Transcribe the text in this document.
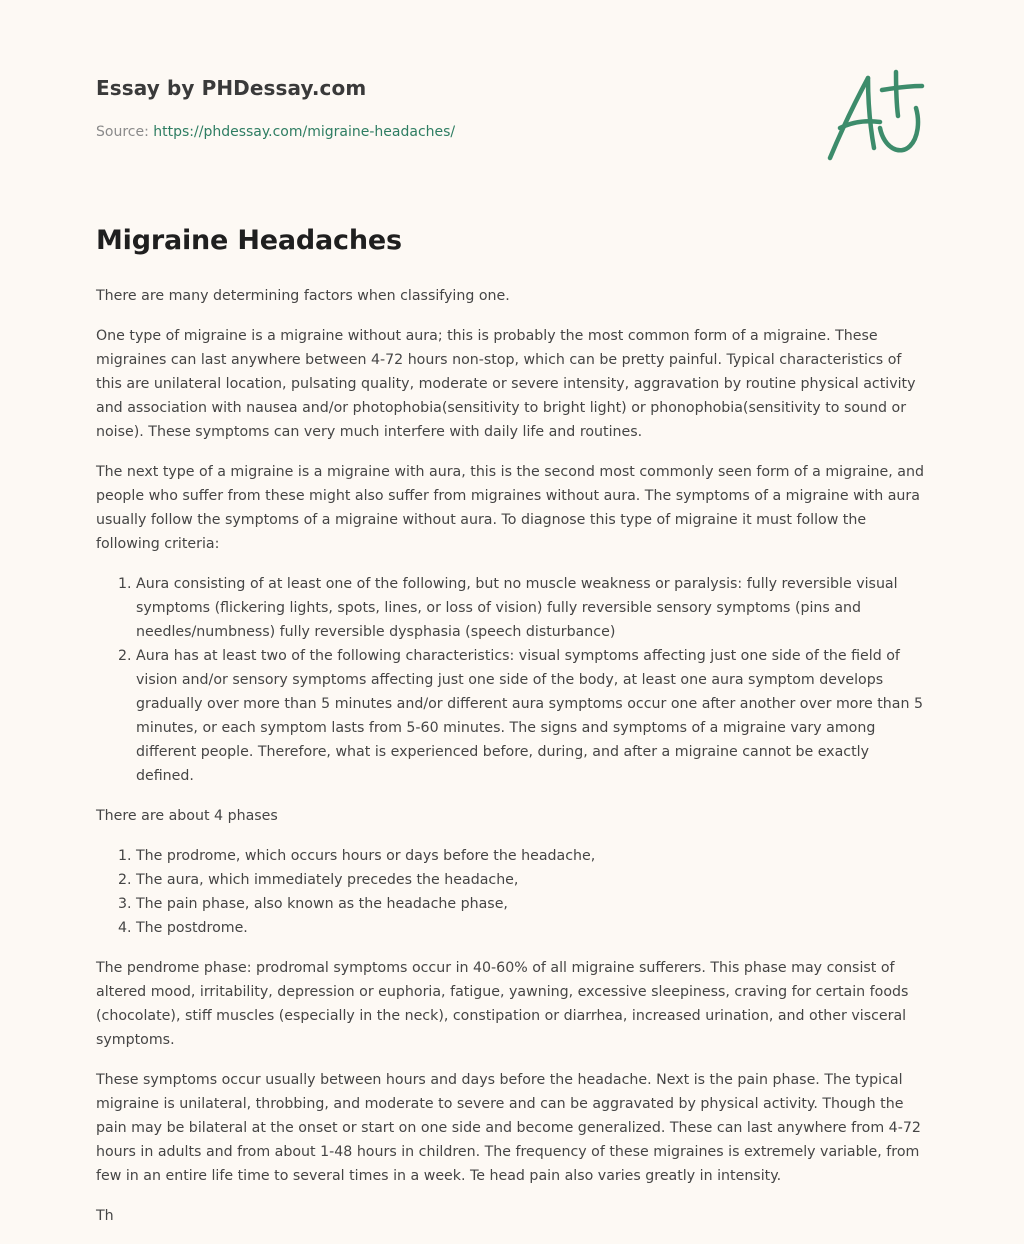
Essay by PHDessay.com
Source: https://phdessay.com/migraine-headaches/
Migraine Headaches

There are many determining factors when classifying one.

One type of migraine is a migraine without aura; this is probably the most common form of a migraine. These migraines can last anywhere between 4-72 hours non-stop, which can be pretty painful. Typical characteristics of this are unilateral location, pulsating quality, moderate or severe intensity, aggravation by routine physical activity and association with nausea and/or photophobia(sensitivity to bright light) or phonophobia(sensitivity to sound or noise). These symptoms can very much interfere with daily life and routines.

The next type of a migraine is a migraine with aura, this is the second most commonly seen form of a migraine, and people who suffer from these might also suffer from migraines without aura. The symptoms of a migraine with aura usually follow the symptoms of a migraine without aura. To diagnose this type of migraine it must follow the following criteria:

1. Aura consisting of at least one of the following, but no muscle weakness or paralysis: fully reversible visual symptoms (flickering lights, spots, lines, or loss of vision) fully reversible sensory symptoms (pins and needles/numbness) fully reversible dysphasia (speech disturbance)
2. Aura has at least two of the following characteristics: visual symptoms affecting just one side of the field of vision and/or sensory symptoms affecting just one side of the body, at least one aura symptom develops gradually over more than 5 minutes and/or different aura symptoms occur one after another over more than 5 minutes, or each symptom lasts from 5-60 minutes. The signs and symptoms of a migraine vary among different people. Therefore, what is experienced before, during, and after a migraine cannot be exactly defined.

There are about 4 phases

1. The prodrome, which occurs hours or days before the headache,
2. The aura, which immediately precedes the headache,
3. The pain phase, also known as the headache phase,
4. The postdrome.

The pendrome phase: prodromal symptoms occur in 40-60% of all migraine sufferers. This phase may consist of altered mood, irritability, depression or euphoria, fatigue, yawning, excessive sleepiness, craving for certain foods (chocolate), stiff muscles (especially in the neck), constipation or diarrhea, increased urination, and other visceral symptoms.

These symptoms occur usually between hours and days before the headache. Next is the pain phase. The typical migraine is unilateral, throbbing, and moderate to severe and can be aggravated by physical activity. Though the pain may be bilateral at the onset or start on one side and become generalized. These can last anywhere from 4-72 hours in adults and from about 1-48 hours in children. The frequency of these migraines is extremely variable, from few in an entire life time to several times in a week. Te head pain also varies greatly in intensity.

Th
